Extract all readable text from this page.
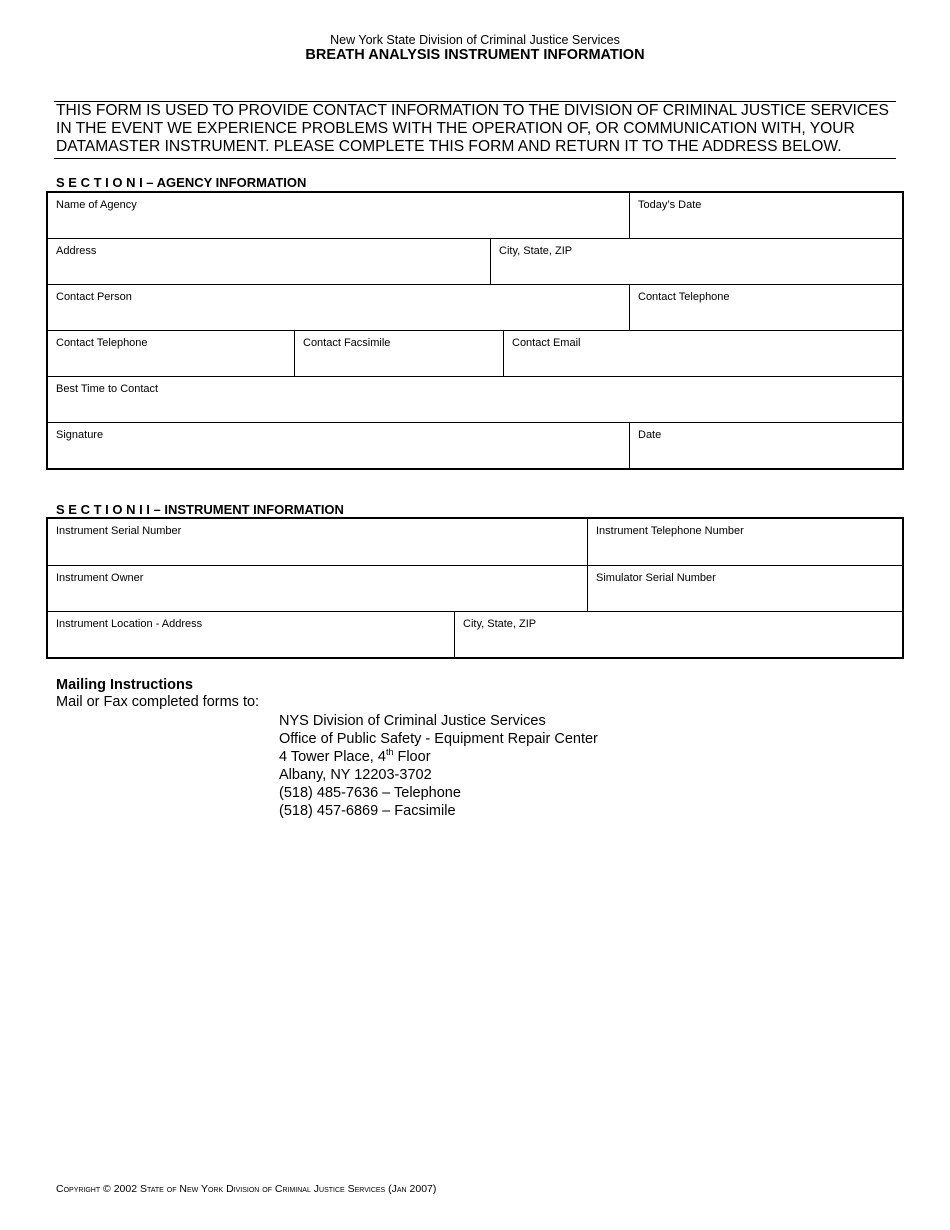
New York State Division of Criminal Justice Services
BREATH ANALYSIS INSTRUMENT INFORMATION
THIS FORM IS USED TO PROVIDE CONTACT INFORMATION TO THE DIVISION OF CRIMINAL JUSTICE SERVICES
IN THE EVENT WE EXPERIENCE PROBLEMS WITH THE OPERATION OF, OR COMMUNICATION WITH, YOUR
DATAMASTER INSTRUMENT. PLEASE COMPLETE THIS FORM AND RETURN IT TO THE ADDRESS BELOW.
S E C T I O N I – AGENCY INFORMATION
Name of Agency	Today’s Date
Address	City, State, ZIP
Contact Person	Contact Telephone
Contact Telephone	Contact Facsimile	Contact Email
Best Time to Contact
Signature	Date
S E C T I O N I I – INSTRUMENT INFORMATION
Instrument Serial Number	Instrument Telephone Number
Instrument Owner	Simulator Serial Number
Instrument Location - Address	City, State, ZIP
Mailing Instructions
Mail or Fax completed forms to:
NYS Division of Criminal Justice Services
Office of Public Safety - Equipment Repair Center
4 Tower Place, 4th Floor
Albany, NY 12203-3702
(518) 485-7636 – Telephone
(518) 457-6869 – Facsimile
Copyright © 2002 State of New York Division of Criminal Justice Services (Jan 2007)
